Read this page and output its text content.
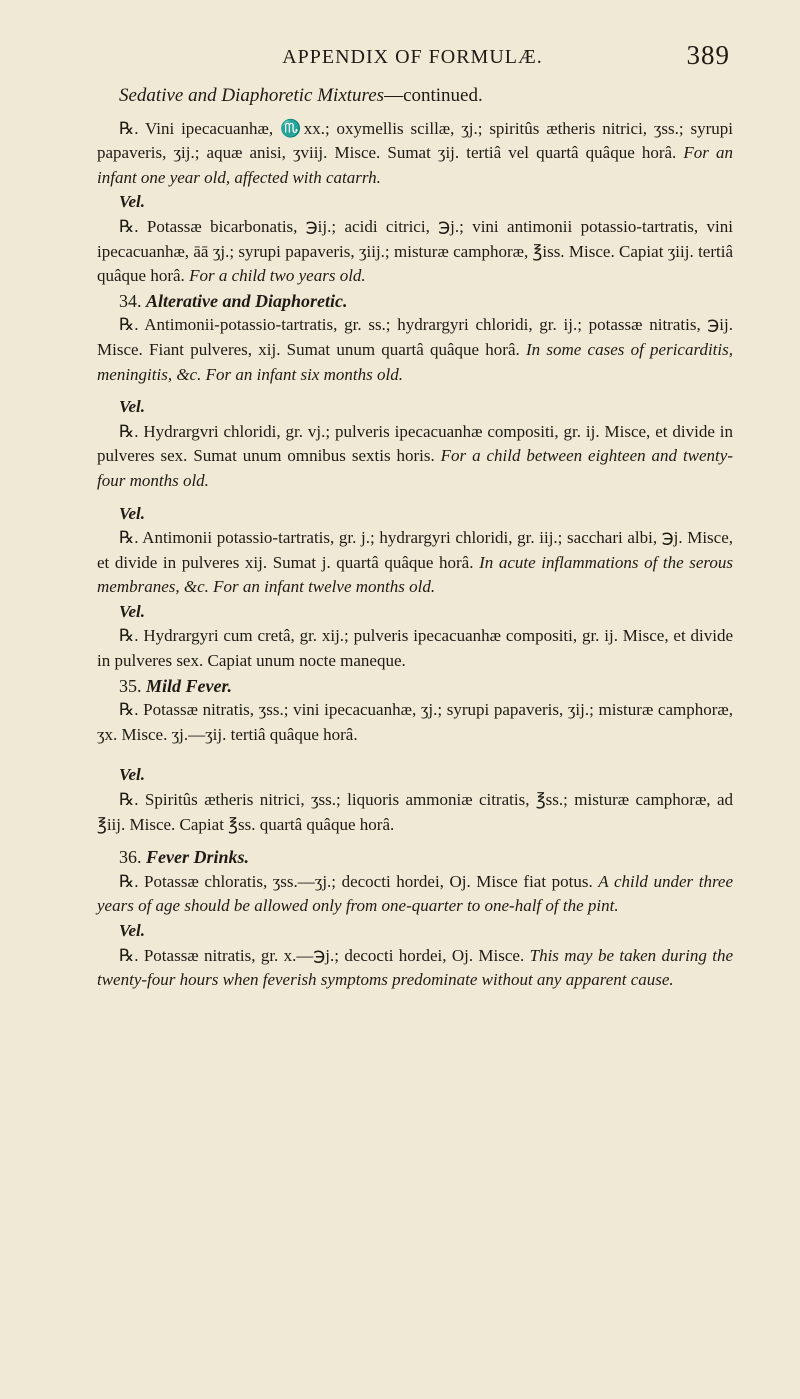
APPENDIX OF FORMULÆ.	389

Sedative and Diaphoretic Mixtures—continued.

℞. Vini ipecacuanhæ, ♏xx.; oxymellis scillæ, ʒj.; spiritûs ætheris nitrici, ʒss.; syrupi papaveris, ʒij.; aquæ anisi, ʒviij. Misce. Sumat ʒij. tertiâ vel quartâ quâque horâ. For an infant one year old, affected with catarrh.

Vel.

℞. Potassæ bicarbonatis, ℈ij.; acidi citrici, ℈j.; vini antimonii potassio-tartratis, vini ipecacuanhæ, āā ʒj.; syrupi papaveris, ʒiij.; misturæ camphoræ, ℥iss. Misce. Capiat ʒiij. tertiâ quâque horâ. For a child two years old.

34. Alterative and Diaphoretic.

℞. Antimonii-potassio-tartratis, gr. ss.; hydrargyri chloridi, gr. ij.; potassæ nitratis, ℈ij. Misce. Fiant pulveres, xij. Sumat unum quartâ quâque horâ. In some cases of pericarditis, meningitis, &c. For an infant six months old.

Vel.

℞. Hydrargvri chloridi, gr. vj.; pulveris ipecacuanhæ compositi, gr. ij. Misce, et divide in pulveres sex. Sumat unum omnibus sextis horis. For a child between eighteen and twenty-four months old.

Vel.

℞. Antimonii potassio-tartratis, gr. j.; hydrargyri chloridi, gr. iij.; sacchari albi, ℈j. Misce, et divide in pulveres xij. Sumat j. quartâ quâque horâ. In acute inflammations of the serous membranes, &c. For an infant twelve months old.

Vel.

℞. Hydrargyri cum cretâ, gr. xij.; pulveris ipecacuanhæ compositi, gr. ij. Misce, et divide in pulveres sex. Capiat unum nocte maneque.

35. Mild Fever.

℞. Potassæ nitratis, ʒss.; vini ipecacuanhæ, ʒj.; syrupi papaveris, ʒij.; misturæ camphoræ, ʒx. Misce. ʒj.—ʒij. tertiâ quâque horâ.

Vel.

℞. Spiritûs ætheris nitrici, ʒss.; liquoris ammoniæ citratis, ℥ss.; misturæ camphoræ, ad ℥iij. Misce. Capiat ℥ss. quartâ quâque horâ.

36. Fever Drinks.

℞. Potassæ chloratis, ʒss.—ʒj.; decocti hordei, Oj. Misce fiat potus. A child under three years of age should be allowed only from one-quarter to one-half of the pint.

Vel.

℞. Potassæ nitratis, gr. x.—℈j.; decocti hordei, Oj. Misce. This may be taken during the twenty-four hours when feverish symptoms predominate without any apparent cause.
